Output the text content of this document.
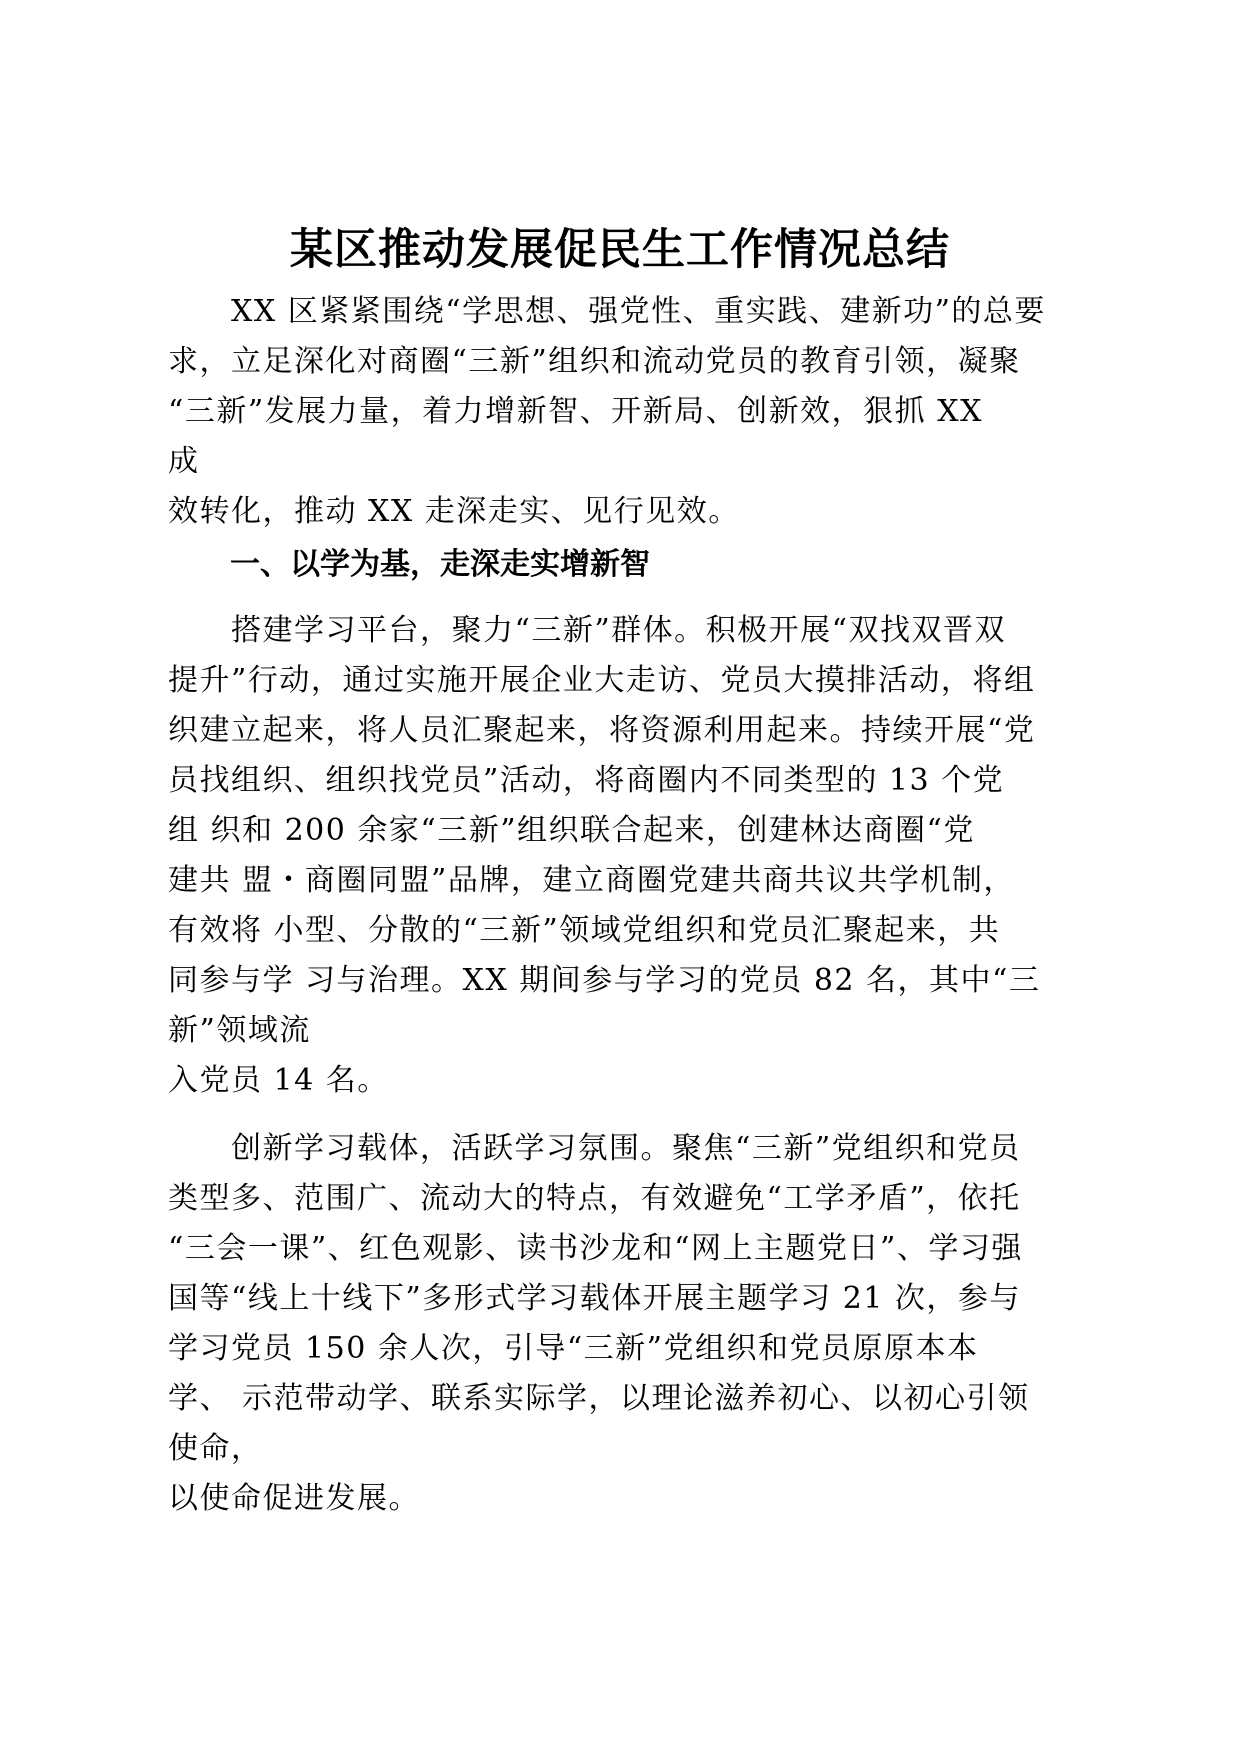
某区推动发展促民生工作情况总结
　　XX 区紧紧围绕“学思想、强党性、重实践、建新功”的总要
求，立足深化对商圈“三新”组织和流动党员的教育引领，凝聚
“三新”发展力量，着力增新智、开新局、创新效，狠抓 XX
成
效转化，推动 XX 走深走实、见行见效。
一、以学为基，走深走实增新智
　　搭建学习平台，聚力“三新”群体。积极开展“双找双晋双
提升”行动，通过实施开展企业大走访、党员大摸排活动，将组
织建立起来，将人员汇聚起来，将资源利用起来。持续开展“党
员找组织、组织找党员”活动，将商圈内不同类型的 13 个党
组 织和 200 余家“三新”组织联合起来，创建林达商圈“党
建共 盟・商圈同盟”品牌，建立商圈党建共商共议共学机制，
有效将 小型、分散的“三新”领域党组织和党员汇聚起来，共
同参与学 习与治理。XX 期间参与学习的党员 82 名，其中“三
新”领域流
入党员 14 名。
　　创新学习载体，活跃学习氛围。聚焦“三新”党组织和党员
类型多、范围广、流动大的特点，有效避免“工学矛盾”，依托
“三会一课”、红色观影、读书沙龙和“网上主题党日”、学习强
国等“线上十线下”多形式学习载体开展主题学习 21 次，参与
学习党员 150 余人次，引导“三新”党组织和党员原原本本
学、 示范带动学、联系实际学，以理论滋养初心、以初心引领
使命，
以使命促进发展。
